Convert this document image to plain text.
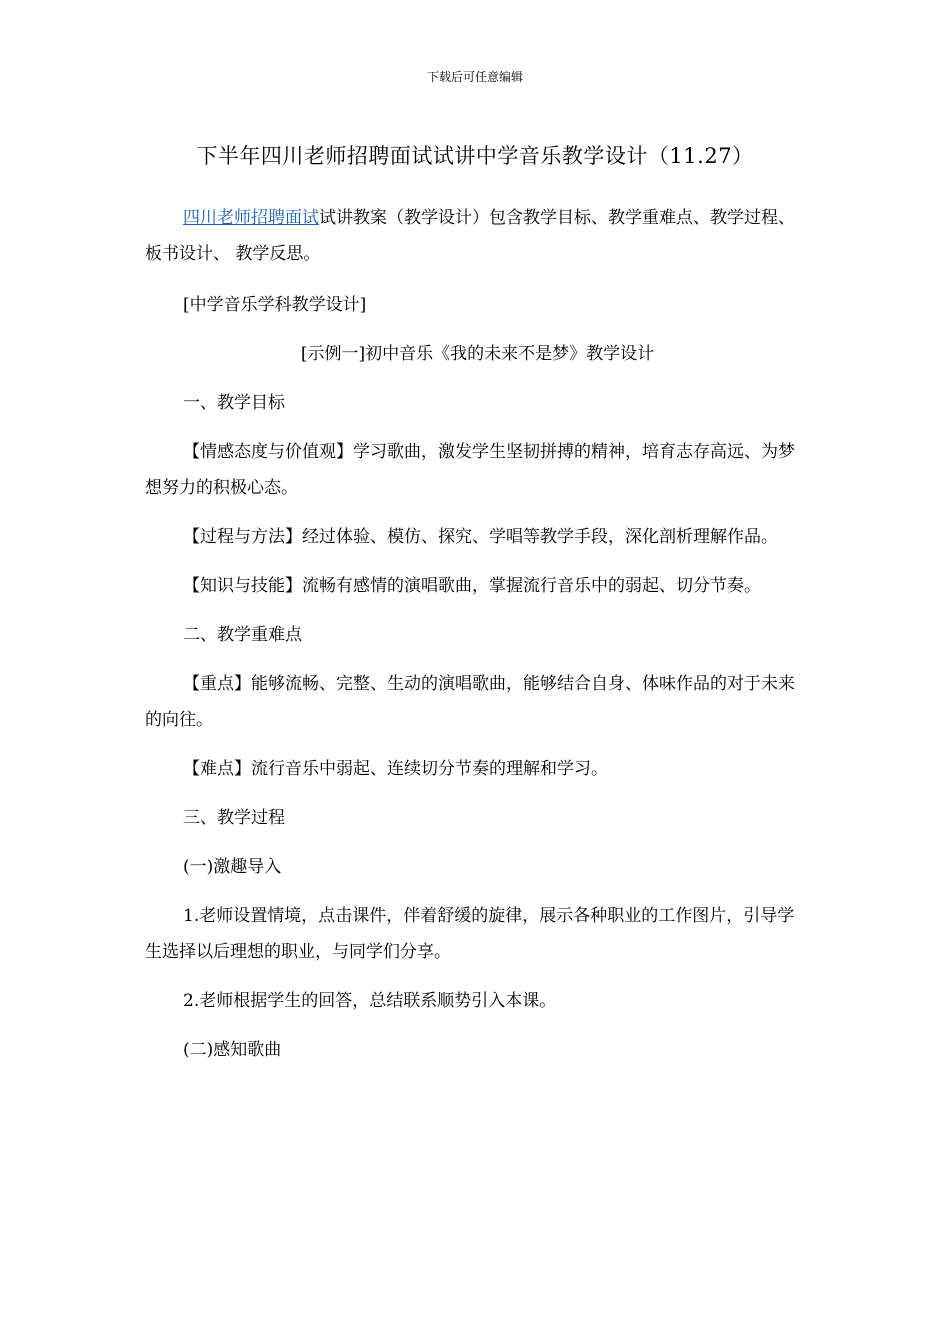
下载后可任意编辑
下半年四川老师招聘面试试讲中学音乐教学设计（11.27）

四川老师招聘面试试讲教案（教学设计）包含教学目标、教学重难点、教学过程、 板书设计、 教学反思。

[中学音乐学科教学设计]

[示例一]初中音乐《我的未来不是梦》教学设计

一、教学目标

【情感态度与价值观】学习歌曲，激发学生坚韧拼搏的精神，培育志存高远、为梦想努力的积极心态。

【过程与方法】经过体验、模仿、探究、学唱等教学手段，深化剖析理解作品。

【知识与技能】流畅有感情的演唱歌曲，掌握流行音乐中的弱起、切分节奏。

二、教学重难点

【重点】能够流畅、完整、生动的演唱歌曲，能够结合自身、体味作品的对于未来的向往。

【难点】流行音乐中弱起、连续切分节奏的理解和学习。

三、教学过程

(一)激趣导入

1.老师设置情境，点击课件，伴着舒缓的旋律，展示各种职业的工作图片，引导学生选择以后理想的职业，与同学们分享。

2.老师根据学生的回答，总结联系顺势引入本课。

(二)感知歌曲
